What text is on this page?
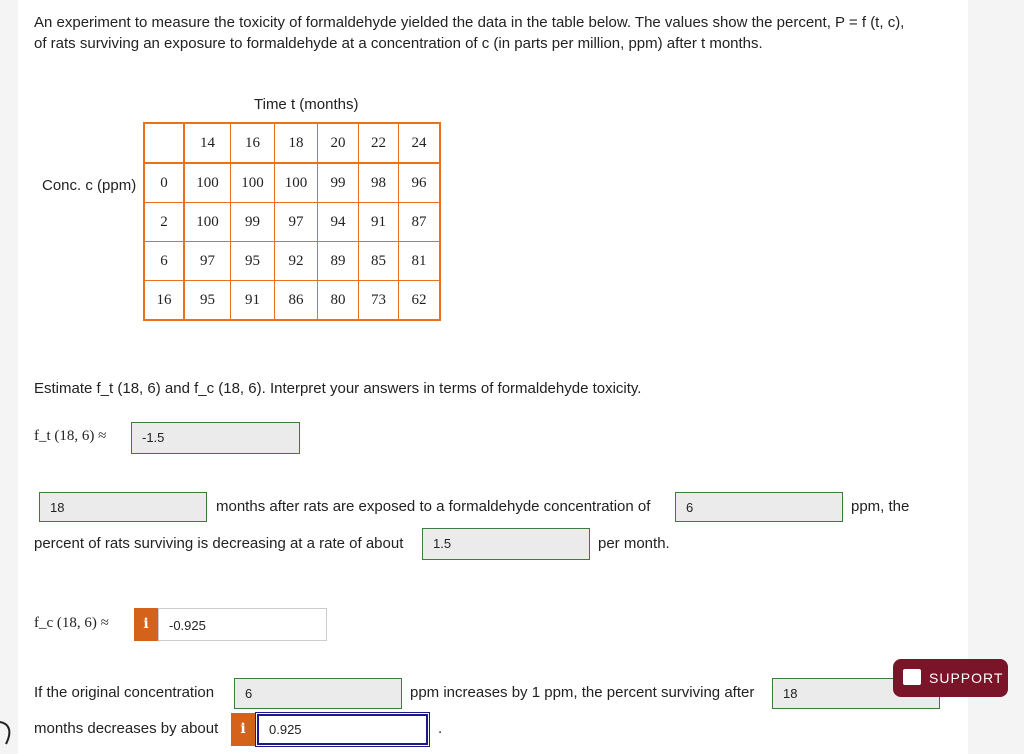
An experiment to measure the toxicity of formaldehyde yielded the data in the table below. The values show the percent, P = f (t, c),
of rats surviving an exposure to formaldehyde at a concentration of c (in parts per million, ppm) after t months.
Time t (months)
Conc. c (ppm)
	14	16	18	20	22	24
0	100	100	100	99	98	96
2	100	99	97	94	91	87
6	97	95	92	89	85	81
16	95	91	86	80	73	62
Estimate f_t (18, 6) and f_c (18, 6). Interpret your answers in terms of formaldehyde toxicity.
f_t (18, 6) ≈	-1.5
18	months after rats are exposed to a formaldehyde concentration of	6	ppm, the
percent of rats surviving is decreasing at a rate of about	1.5	per month.
f_c (18, 6) ≈	i	-0.925
If the original concentration	6	ppm increases by 1 ppm, the percent surviving after	18
months decreases by about	i	0.925	.
SUPPORT
